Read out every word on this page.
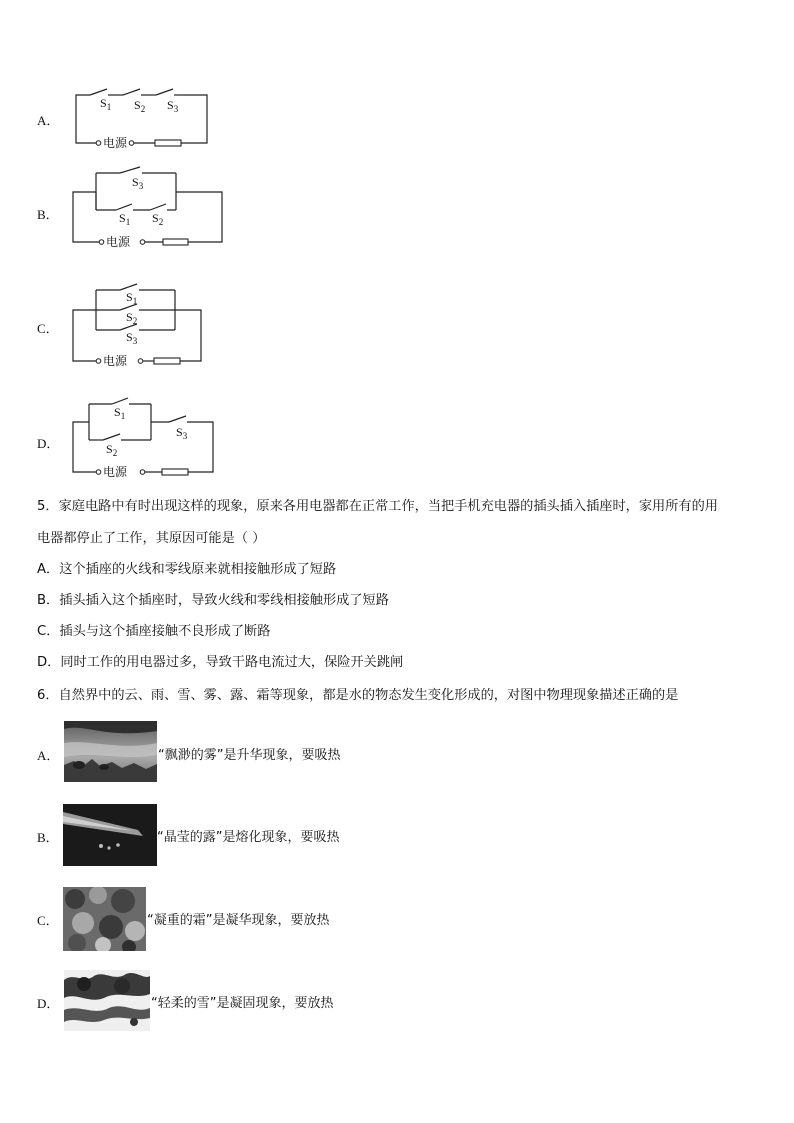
A．
电源
$S_1$ $S_2$ $S_3$
B．
电源
$S_3$
$S_1$ $S_2$
C．
电源
$S_1$
$S_2$
$S_3$
D．
电源
$S_1$
$S_3$
$S_2$
5．家庭电路中有时出现这样的现象，原来各用电器都在正常工作，当把手机充电器的插头插入插座时，家用所有的用
电器都停止了工作，其原因可能是（ ）
A．这个插座的火线和零线原来就相接触形成了短路
B．插头插入这个插座时，导致火线和零线相接触形成了短路
C．插头与这个插座接触不良形成了断路
D．同时工作的用电器过多，导致干路电流过大，保险开关跳闸
6．自然界中的云、雨、雪、雾、露、霜等现象，都是水的物态发生变化形成的，对图中物理现象描述正确的是
A．	“飘渺的雾”是升华现象，要吸热
B．	“晶莹的露”是熔化现象，要吸热
C．	“凝重的霜”是凝华现象，要放热
D．	“轻柔的雪”是凝固现象，要放热
